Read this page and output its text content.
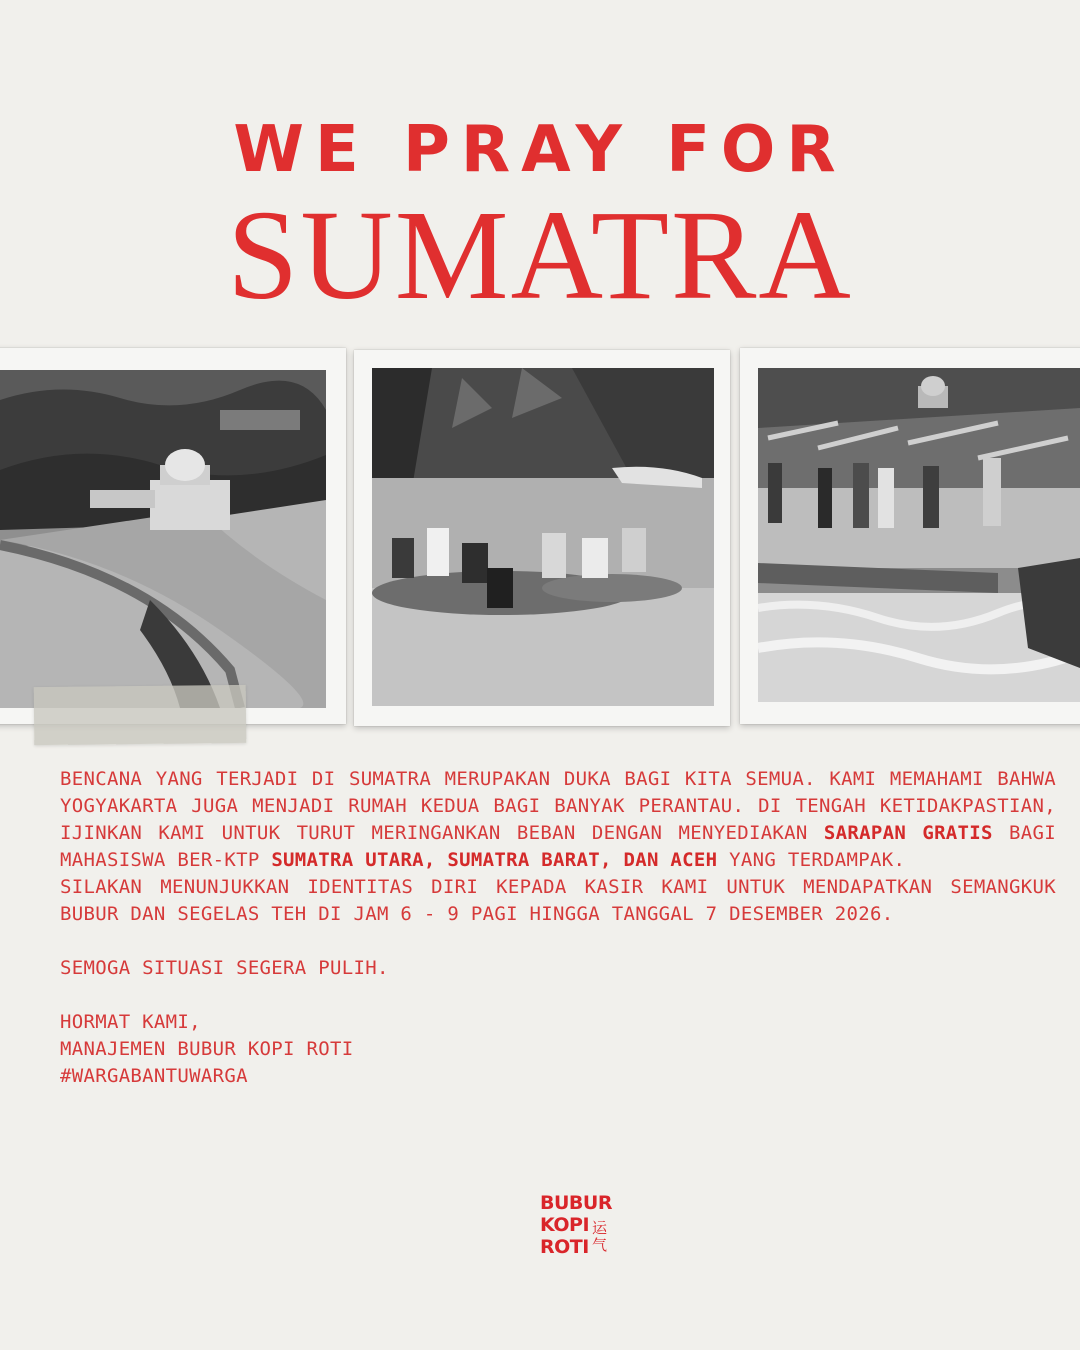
WE PRAY FOR
SUMATRA

BENCANA YANG TERJADI DI SUMATRA MERUPAKAN DUKA BAGI KITA SEMUA. KAMI MEMAHAMI BAHWA YOGYAKARTA JUGA MENJADI RUMAH KEDUA BAGI BANYAK PERANTAU. DI TENGAH KETIDAKPASTIAN, IJINKAN KAMI UNTUK TURUT MERINGANKAN BEBAN DENGAN MENYEDIAKAN SARAPAN GRATIS BAGI MAHASISWA BER-KTP SUMATRA UTARA, SUMATRA BARAT, DAN ACEH YANG TERDAMPAK.

SILAKAN MENUNJUKKAN IDENTITAS DIRI KEPADA KASIR KAMI UNTUK MENDAPATKAN SEMANGKUK BUBUR DAN SEGELAS TEH DI JAM 6 - 9 PAGI HINGGA TANGGAL 7 DESEMBER 2026.

SEMOGA SITUASI SEGERA PULIH.

HORMAT KAMI,

MANAJEMEN BUBUR KOPI ROTI

#WARGABANTUWARGA

BUBUR
KOPI
ROTI
运气
